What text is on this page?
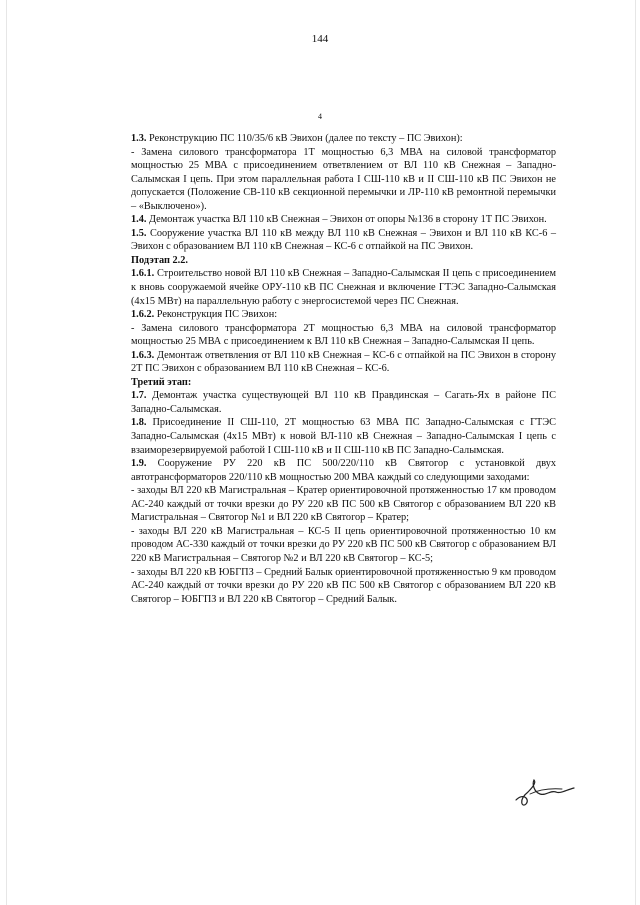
144
4

1.3. Реконструкцию ПС 110/35/6 кВ Эвихон (далее по тексту – ПС Эвихон):

- Замена силового трансформатора 1Т мощностью 6,3 МВА на силовой трансформатор мощностью 25 МВА с присоединением ответвлением от ВЛ 110 кВ Снежная – Западно-Салымская I цепь. При этом параллельная работа I СШ-110 кВ и II СШ-110 кВ ПС Эвихон не допускается (Положение СВ-110 кВ секционной перемычки и ЛР-110 кВ ремонтной перемычки – «Выключено»).

1.4. Демонтаж участка ВЛ 110 кВ Снежная – Эвихон от опоры №136 в сторону 1Т ПС Эвихон.

1.5. Сооружение участка ВЛ 110 кВ между ВЛ 110 кВ Снежная – Эвихон и ВЛ 110 кВ КС-6 – Эвихон с образованием ВЛ 110 кВ Снежная – КС-6 с отпайкой на ПС Эвихон.

Подэтап 2.2.

1.6.1. Строительство новой ВЛ 110 кВ Снежная – Западно-Салымская II цепь с присоединением к вновь сооружаемой ячейке ОРУ-110 кВ ПС Снежная и включение ГТЭС Западно-Салымская (4х15 МВт) на параллельную работу с энергосистемой через ПС Снежная.

1.6.2. Реконструкция ПС Эвихон:

- Замена силового трансформатора 2Т мощностью 6,3 МВА на силовой трансформатор мощностью 25 МВА с присоединением к ВЛ 110 кВ Снежная – Западно-Салымская II цепь.

1.6.3. Демонтаж ответвления от ВЛ 110 кВ Снежная – КС-6 с отпайкой на ПС Эвихон в сторону 2Т ПС Эвихон с образованием ВЛ 110 кВ Снежная – КС-6.

Третий этап:

1.7. Демонтаж участка существующей ВЛ 110 кВ Правдинская – Сагать-Ях в районе ПС Западно-Салымская.

1.8. Присоединение II СШ-110, 2Т мощностью 63 МВА ПС Западно-Салымская с ГТЭС Западно-Салымская (4х15 МВт) к новой ВЛ-110 кВ Снежная – Западно-Салымская I цепь с взаиморезервируемой работой I СШ-110 кВ и II СШ-110 кВ ПС Западно-Салымская.

1.9. Сооружение РУ 220 кВ ПС 500/220/110 кВ Святогор с установкой двух автотрансформаторов 220/110 кВ мощностью 200 МВА каждый со следующими заходами:

- заходы ВЛ 220 кВ Магистральная – Кратер ориентировочной протяженностью 17 км проводом АС-240 каждый от точки врезки до РУ 220 кВ ПС 500 кВ Святогор с образованием ВЛ 220 кВ Магистральная – Святогор №1 и ВЛ 220 кВ Святогор – Кратер;

- заходы ВЛ 220 кВ Магистральная – КС-5 II цепь ориентировочной протяженностью 10 км проводом АС-330 каждый от точки врезки до РУ 220 кВ ПС 500 кВ Святогор с образованием ВЛ 220 кВ Магистральная – Святогор №2 и ВЛ 220 кВ Святогор – КС-5;

- заходы ВЛ 220 кВ ЮБГПЗ – Средний Балык ориентировочной протяженностью 9 км проводом АС-240 каждый от точки врезки до РУ 220 кВ ПС 500 кВ Святогор с образованием ВЛ 220 кВ Святогор – ЮБГПЗ и ВЛ 220 кВ Святогор – Средний Балык.
